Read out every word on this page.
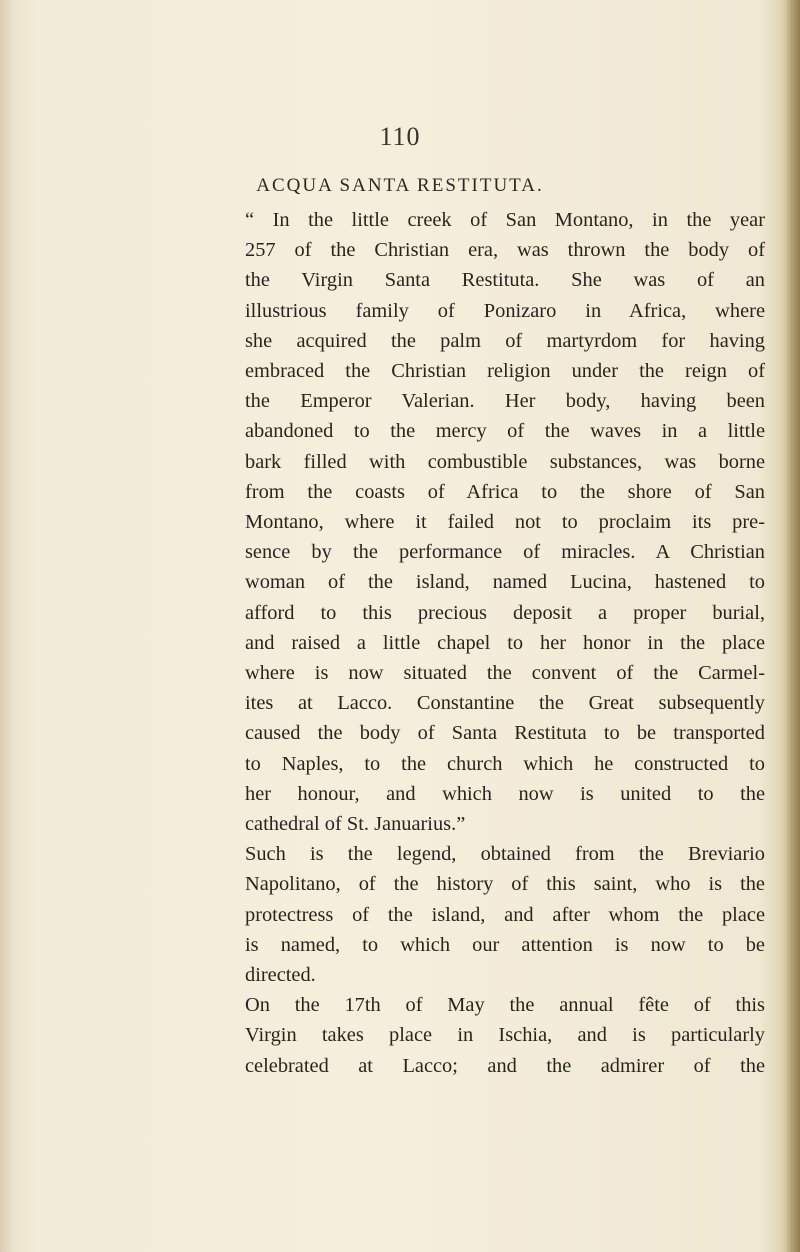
110
ACQUA SANTA RESTITUTA.
“ In the little creek of San Montano, in the year
257 of the Christian era, was thrown the body of
the Virgin Santa Restituta. She was of an
illustrious family of Ponizaro in Africa, where
she acquired the palm of martyrdom for having
embraced the Christian religion under the reign of
the Emperor Valerian. Her body, having been
abandoned to the mercy of the waves in a little
bark filled with combustible substances, was borne
from the coasts of Africa to the shore of San
Montano, where it failed not to proclaim its pre-
sence by the performance of miracles. A Christian
woman of the island, named Lucina, hastened to
afford to this precious deposit a proper burial,
and raised a little chapel to her honor in the place
where is now situated the convent of the Carmel-
ites at Lacco. Constantine the Great subsequently
caused the body of Santa Restituta to be transported
to Naples, to the church which he constructed to
her honour, and which now is united to the
cathedral of St. Januarius.”
Such is the legend, obtained from the Breviario
Napolitano, of the history of this saint, who is the
protectress of the island, and after whom the place
is named, to which our attention is now to be
directed.
On the 17th of May the annual fête of this
Virgin takes place in Ischia, and is particularly
celebrated at Lacco; and the admirer of the
